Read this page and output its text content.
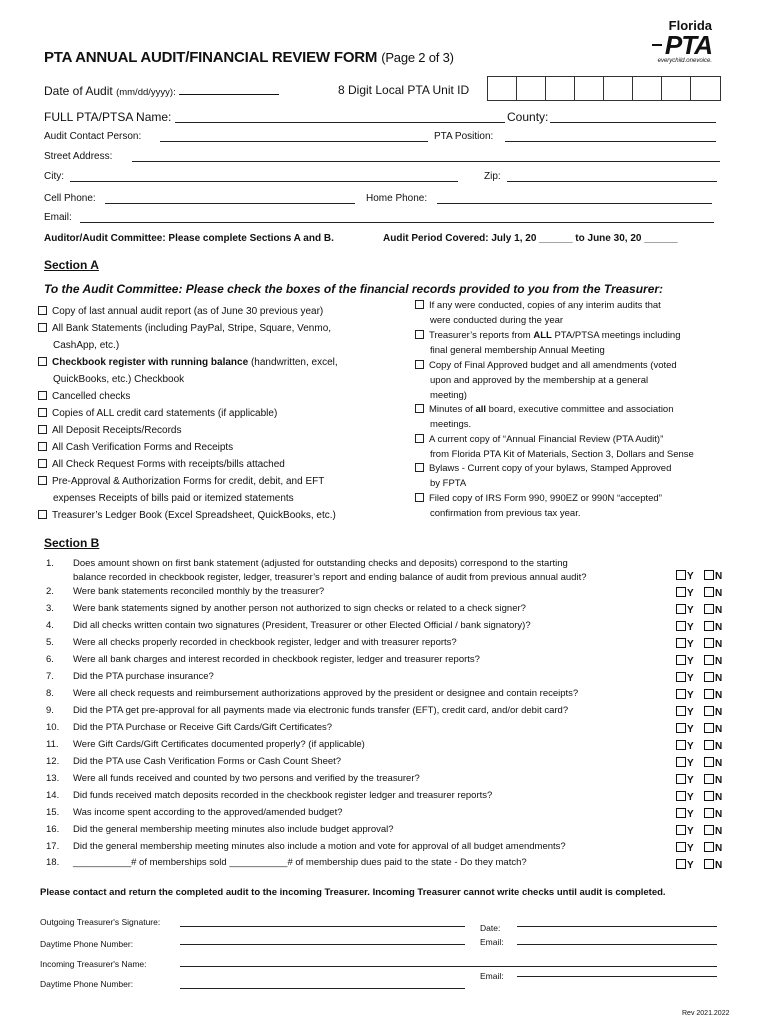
PTA ANNUAL AUDIT/FINANCIAL REVIEW FORM (Page 2 of 3)
Florida
PTA
everychild.onevoice.
Date of Audit (mm/dd/yyyy):	8 Digit Local PTA Unit ID
FULL PTA/PTSA Name:	County:
Audit Contact Person:	PTA Position:
Street Address:
City:	Zip:
Cell Phone:	Home Phone:
Email:
Auditor/Audit Committee: Please complete Sections A and B.	Audit Period Covered: July 1, 20 ______ to June 30, 20 ______
Section A
To the Audit Committee: Please check the boxes of the financial records provided to you from the Treasurer:
Copy of last annual audit report (as of June 30 previous year)
All Bank Statements (including PayPal, Stripe, Square, Venmo,
CashApp, etc.)
Checkbook register with running balance (handwritten, excel,
QuickBooks, etc.) Checkbook
Cancelled checks
Copies of ALL credit card statements (if applicable)
All Deposit Receipts/Records
All Cash Verification Forms and Receipts
All Check Request Forms with receipts/bills attached
Pre-Approval & Authorization Forms for credit, debit, and EFT
expenses Receipts of bills paid or itemized statements
Treasurer’s Ledger Book (Excel Spreadsheet, QuickBooks, etc.)
If any were conducted, copies of any interim audits that
were conducted during the year
Treasurer’s reports from ALL PTA/PTSA meetings including
final general membership Annual Meeting
Copy of Final Approved budget and all amendments (voted
upon and approved by the membership at a general
meeting)
Minutes of all board, executive committee and association
meetings.
A current copy of “Annual Financial Review (PTA Audit)”
from Florida PTA Kit of Materials, Section 3, Dollars and Sense
Bylaws - Current copy of your bylaws, Stamped Approved
by FPTA
Filed copy of IRS Form 990, 990EZ or 990N “accepted”
confirmation from previous tax year.
Section B
1. Does amount shown on first bank statement (adjusted for outstanding checks and deposits) correspond to the starting
balance recorded in checkbook register, ledger, treasurer’s report and ending balance of audit from previous annual audit?	Y	N
2. Were bank statements reconciled monthly by the treasurer?	Y	N
3. Were bank statements signed by another person not authorized to sign checks or related to a check signer?	Y	N
4. Did all checks written contain two signatures (President, Treasurer or other Elected Official / bank signatory)?	Y	N
5. Were all checks properly recorded in checkbook register, ledger and with treasurer reports?	Y	N
6. Were all bank charges and interest recorded in checkbook register, ledger and treasurer reports?	Y	N
7. Did the PTA purchase insurance?	Y	N
8. Were all check requests and reimbursement authorizations approved by the president or designee and contain receipts?	Y	N
9. Did the PTA get pre-approval for all payments made via electronic funds transfer (EFT), credit card, and/or debit card?	Y	N
10. Did the PTA Purchase or Receive Gift Cards/Gift Certificates?	Y	N
11. Were Gift Cards/Gift Certificates documented properly? (if applicable)	Y	N
12. Did the PTA use Cash Verification Forms or Cash Count Sheet?	Y	N
13. Were all funds received and counted by two persons and verified by the treasurer?	Y	N
14. Did funds received match deposits recorded in the checkbook register ledger and treasurer reports?	Y	N
15. Was income spent according to the approved/amended budget?	Y	N
16. Did the general membership meeting minutes also include budget approval?	Y	N
17. Did the general membership meeting minutes also include a motion and vote for approval of all budget amendments?	Y	N
18. ___________# of memberships sold ___________# of membership dues paid to the state - Do they match?	Y	N
Please contact and return the completed audit to the incoming Treasurer. Incoming Treasurer cannot write checks until audit is completed.
Outgoing Treasurer's Signature:
Date:
Daytime Phone Number:	Email:
Incoming Treasurer's Name:
Email:
Daytime Phone Number:
Rev 2021.2022
